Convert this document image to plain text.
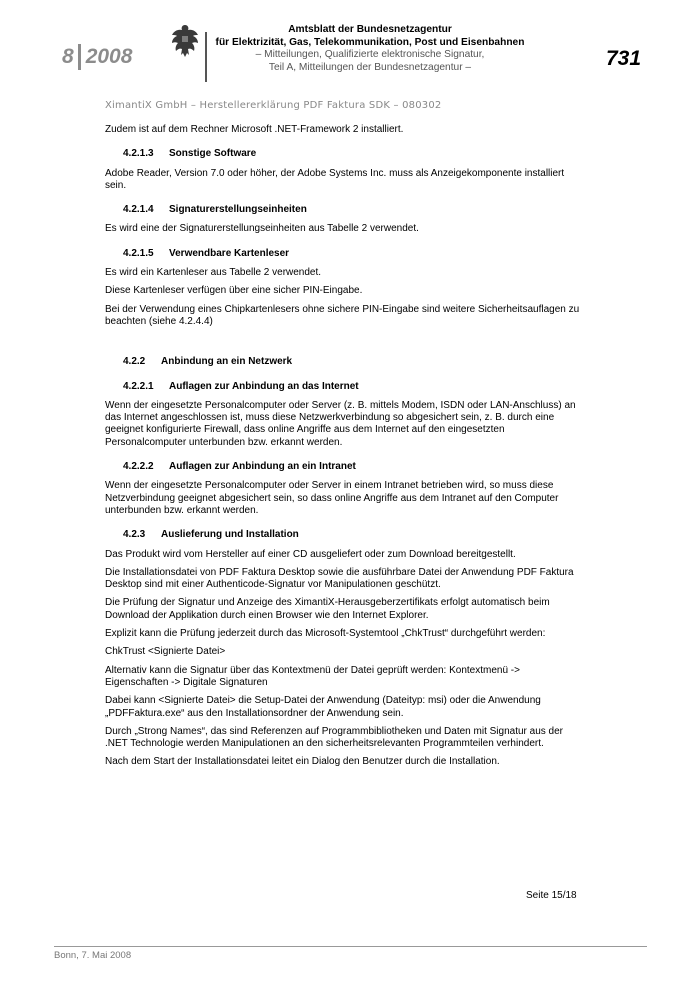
8 2008
Amtsblatt der Bundesnetzagentur
für Elektrizität, Gas, Telekommunikation, Post und Eisenbahnen
– Mitteilungen, Qualifizierte elektronische Signatur,
Teil A, Mitteilungen der Bundesnetzagentur –	731
XimantiX GmbH – Herstellererklärung PDF Faktura SDK – 080302

Zudem ist auf dem Rechner Microsoft .NET-Framework 2 installiert.

4.2.1.3 Sonstige Software

Adobe Reader, Version 7.0 oder höher, der Adobe Systems Inc. muss als Anzeigekomponente installiert sein.

4.2.1.4 Signaturerstellungseinheiten

Es wird eine der Signaturerstellungseinheiten aus Tabelle 2 verwendet.

4.2.1.5 Verwendbare Kartenleser

Es wird ein Kartenleser aus Tabelle 2 verwendet.

Diese Kartenleser verfügen über eine sicher PIN-Eingabe.

Bei der Verwendung eines Chipkartenlesers ohne sichere PIN-Eingabe sind weitere Sicherheitsauflagen zu beachten (siehe 4.2.4.4)

4.2.2 Anbindung an ein Netzwerk
4.2.2.1 Auflagen zur Anbindung an das Internet

Wenn der eingesetzte Personalcomputer oder Server (z. B. mittels Modem, ISDN oder LAN-Anschluss) an das Internet angeschlossen ist, muss diese Netzwerkverbindung so abgesichert sein, z. B. durch eine geeignet konfigurierte Firewall, dass online Angriffe aus dem Internet auf den eingesetzten Personalcomputer unterbunden bzw. erkannt werden.

4.2.2.2 Auflagen zur Anbindung an ein Intranet

Wenn der eingesetzte Personalcomputer oder Server in einem Intranet betrieben wird, so muss diese Netzverbindung geeignet abgesichert sein, so dass online Angriffe aus dem Intranet auf den Computer unterbunden bzw. erkannt werden.

4.2.3 Auslieferung und Installation

Das Produkt wird vom Hersteller auf einer CD ausgeliefert oder zum Download bereitgestellt.

Die Installationsdatei von PDF Faktura Desktop sowie die ausführbare Datei der Anwendung PDF Faktura Desktop sind mit einer Authenticode-Signatur vor Manipulationen geschützt.

Die Prüfung der Signatur und Anzeige des XimantiX-Herausgeberzertifikats erfolgt automatisch beim Download der Applikation durch einen Browser wie den Internet Explorer.

Explizit kann die Prüfung jederzeit durch das Microsoft-Systemtool „ChkTrust“ durchgeführt werden:

ChkTrust <Signierte Datei>

Alternativ kann die Signatur über das Kontextmenü der Datei geprüft werden: Kontextmenü -> Eigenschaften -> Digitale Signaturen

Dabei kann <Signierte Datei> die Setup-Datei der Anwendung (Dateityp: msi) oder die Anwendung „PDFFaktura.exe“ aus den Installationsordner der Anwendung sein.

Durch „Strong Names“, das sind Referenzen auf Programmbibliotheken und Daten mit Signatur aus der .NET Technologie werden Manipulationen an den sicherheitsrelevanten Programmteilen verhindert.

Nach dem Start der Installationsdatei leitet ein Dialog den Benutzer durch die Installation.

Seite 15/18
Bonn, 7. Mai 2008
